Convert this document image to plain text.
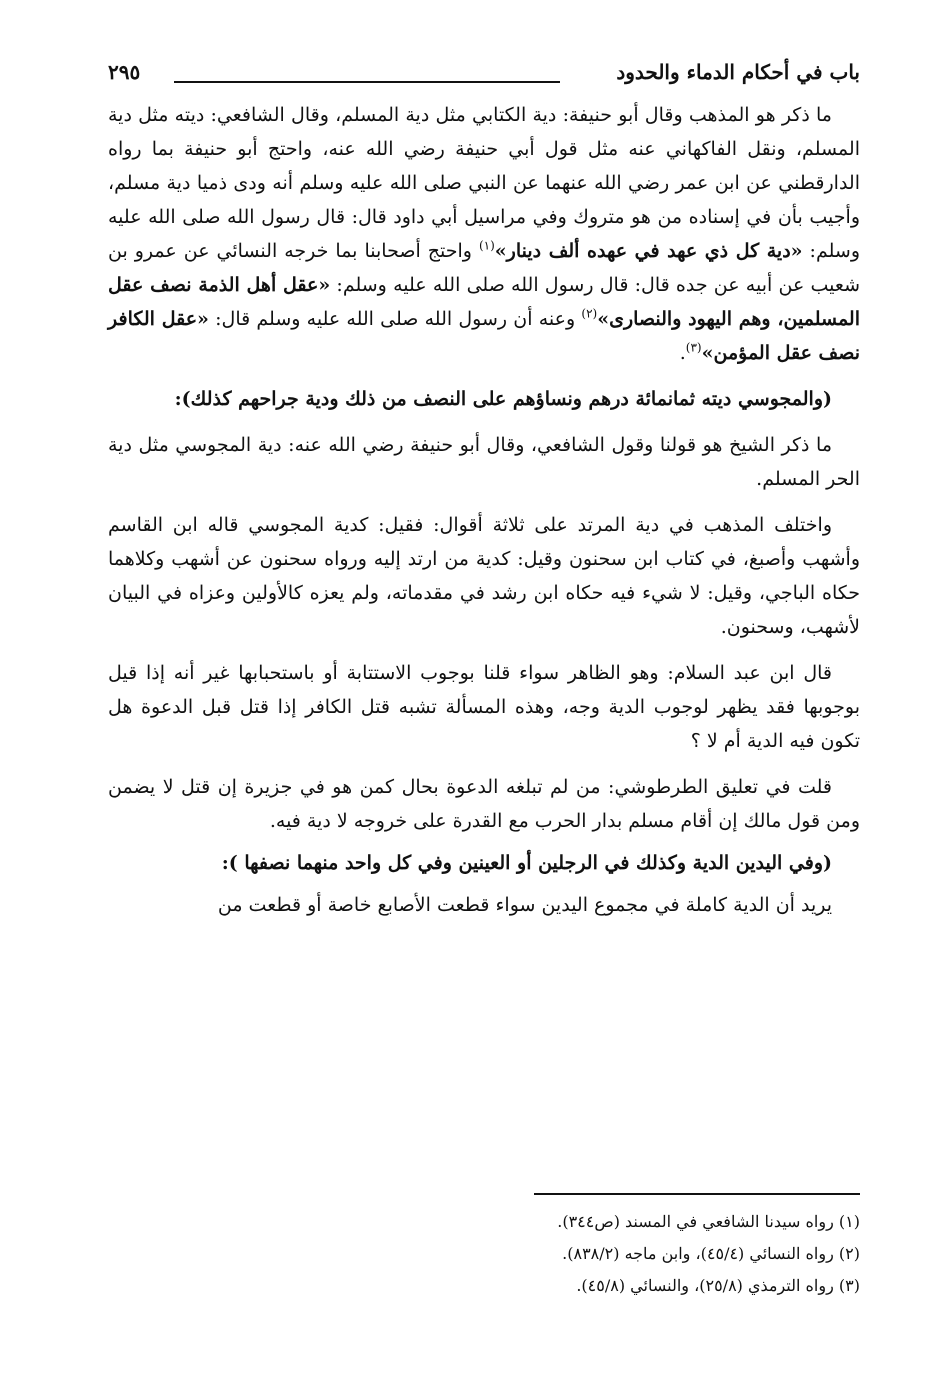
باب في أحكام الدماء والحدود
٢٩٥

ما ذكر هو المذهب وقال أبو حنيفة: دية الكتابي مثل دية المسلم، وقال الشافعي: ديته مثل دية المسلم، ونقل الفاكهاني عنه مثل قول أبي حنيفة رضي الله عنه، واحتج أبو حنيفة بما رواه الدارقطني عن ابن عمر رضي الله عنهما عن النبي صلى الله عليه وسلم أنه ودى ذميا دية مسلم، وأجيب بأن في إسناده من هو متروك وفي مراسيل أبي داود قال: قال رسول الله صلى الله عليه وسلم: «دية كل ذي عهد في عهده ألف دينار»$^{(١)}$ واحتج أصحابنا بما خرجه النسائي عن عمرو بن شعيب عن أبيه عن جده قال: قال رسول الله صلى الله عليه وسلم: «عقل أهل الذمة نصف عقل المسلمين، وهم اليهود والنصارى»$^{(٢)}$ وعنه أن رسول الله صلى الله عليه وسلم قال: «عقل الكافر نصف عقل المؤمن»$^{(٣)}$.

(والمجوسي ديته ثمانمائة درهم ونساؤهم على النصف من ذلك ودية جراحهم كذلك):

ما ذكر الشيخ هو قولنا وقول الشافعي، وقال أبو حنيفة رضي الله عنه: دية المجوسي مثل دية الحر المسلم.

واختلف المذهب في دية المرتد على ثلاثة أقوال: فقيل: كدية المجوسي قاله ابن القاسم وأشهب وأصبغ، في كتاب ابن سحنون وقيل: كدية من ارتد إليه ورواه سحنون عن أشهب وكلاهما حكاه الباجي، وقيل: لا شيء فيه حكاه ابن رشد في مقدماته، ولم يعزه كالأولين وعزاه في البيان لأشهب، وسحنون.

قال ابن عبد السلام: وهو الظاهر سواء قلنا بوجوب الاستتابة أو باستحبابها غير أنه إذا قيل بوجوبها فقد يظهر لوجوب الدية وجه، وهذه المسألة تشبه قتل الكافر إذا قتل قبل الدعوة هل تكون فيه الدية أم لا ؟

قلت في تعليق الطرطوشي: من لم تبلغه الدعوة بحال كمن هو في جزيرة إن قتل لا يضمن ومن قول مالك إن أقام مسلم بدار الحرب مع القدرة على خروجه لا دية فيه.

(وفي اليدين الدية وكذلك في الرجلين أو العينين وفي كل واحد منهما نصفها ):

يريد أن الدية كاملة في مجموع اليدين سواء قطعت الأصابع خاصة أو قطعت من

(١) رواه سيدنا الشافعي في المسند (ص٣٤٤).
(٢) رواه النسائي (٤٥/٤)، وابن ماجه (٨٣٨/٢).
(٣) رواه الترمذي (٢٥/٨)، والنسائي (٤٥/٨).
